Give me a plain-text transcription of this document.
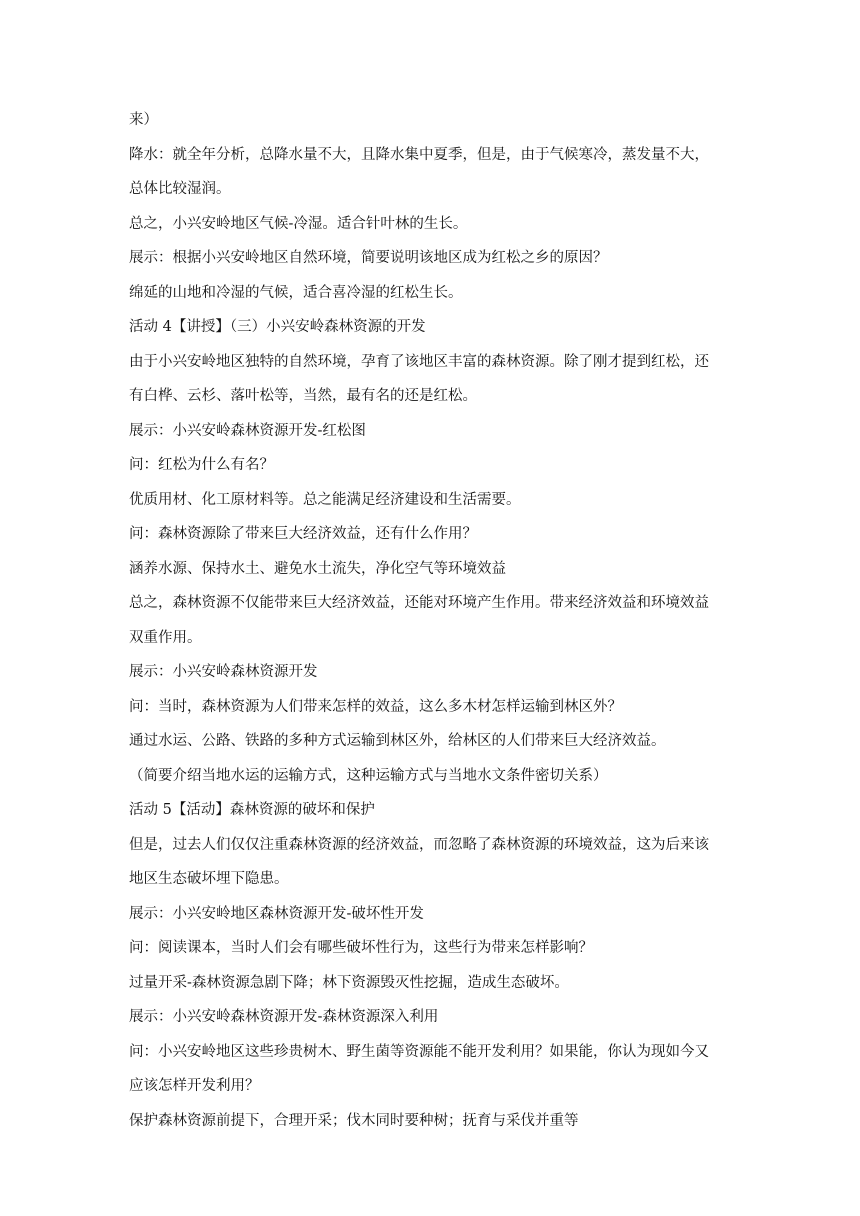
来）
降水：就全年分析，总降水量不大，且降水集中夏季，但是，由于气候寒冷，蒸发量不大，
总体比较湿润。
总之，小兴安岭地区气候-冷湿。适合针叶林的生长。
展示：根据小兴安岭地区自然环境，简要说明该地区成为红松之乡的原因？
绵延的山地和冷湿的气候，适合喜冷湿的红松生长。
活动 4【讲授】（三）小兴安岭森林资源的开发
由于小兴安岭地区独特的自然环境，孕育了该地区丰富的森林资源。除了刚才提到红松，还
有白桦、云杉、落叶松等，当然，最有名的还是红松。
展示：小兴安岭森林资源开发-红松图
问：红松为什么有名？
优质用材、化工原材料等。总之能满足经济建设和生活需要。
问：森林资源除了带来巨大经济效益，还有什么作用？
涵养水源、保持水土、避免水土流失，净化空气等环境效益
总之，森林资源不仅能带来巨大经济效益，还能对环境产生作用。带来经济效益和环境效益
双重作用。
展示：小兴安岭森林资源开发
问：当时，森林资源为人们带来怎样的效益，这么多木材怎样运输到林区外？
通过水运、公路、铁路的多种方式运输到林区外，给林区的人们带来巨大经济效益。
（简要介绍当地水运的运输方式，这种运输方式与当地水文条件密切关系）
活动 5【活动】森林资源的破坏和保护
但是，过去人们仅仅注重森林资源的经济效益，而忽略了森林资源的环境效益，这为后来该
地区生态破坏埋下隐患。
展示：小兴安岭地区森林资源开发-破坏性开发
问：阅读课本，当时人们会有哪些破坏性行为，这些行为带来怎样影响？
过量开采-森林资源急剧下降；林下资源毁灭性挖掘，造成生态破坏。
展示：小兴安岭森林资源开发-森林资源深入利用
问：小兴安岭地区这些珍贵树木、野生菌等资源能不能开发利用？如果能，你认为现如今又
应该怎样开发利用？
保护森林资源前提下，合理开采；伐木同时要种树；抚育与采伐并重等
